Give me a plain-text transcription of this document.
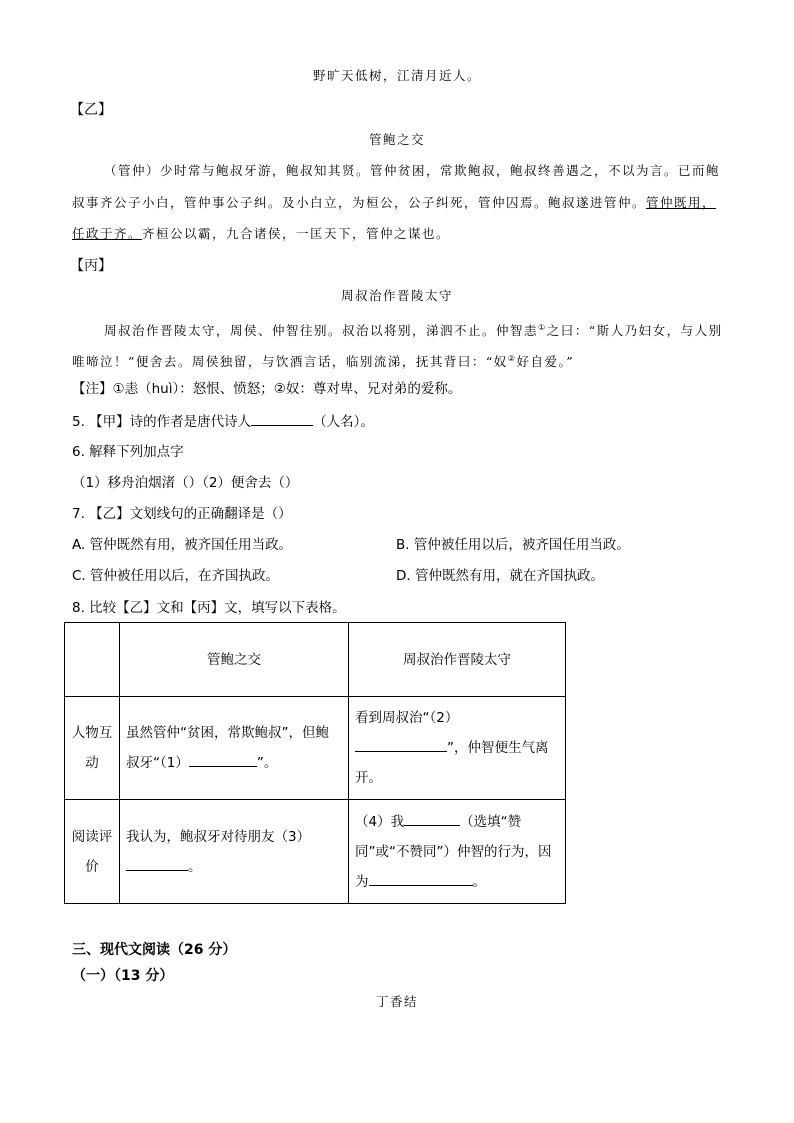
野旷天低树，江清月近人。
【乙】
管鲍之交
（管仲）少时常与鲍叔牙游，鲍叔知其贤。管仲贫困，常欺鲍叔，鲍叔终善遇之，不以为言。已而鲍
叔事齐公子小白，管仲事公子纠。及小白立，为桓公，公子纠死，管仲囚焉。鲍叔遂进管仲。管仲既用，
任政于齐。齐桓公以霸，九合诸侯，一匡天下，管仲之谋也。
【丙】
周叔治作晋陵太守
周叔治作晋陵太守，周侯、仲智往别。叔治以将别，涕泗不止。仲智恚①之曰：“斯人乃妇女，与人别
唯啼泣！”便舍去。周侯独留，与饮酒言话，临别流涕，抚其背曰：“奴②好自爱。”
【注】①恚（huì）：怒恨、愤怒；②奴：尊对卑、兄对弟的爱称。
5. 【甲】诗的作者是唐代诗人	（人名）。
6. 解释下列加点字
（1）移舟泊烟渚（）（2）便舍去（）
7. 【乙】文划线句的正确翻译是（）
A. 管仲既然有用，被齐国任用当政。	B. 管仲被任用以后，被齐国任用当政。
C. 管仲被任用以后，在齐国执政。	D. 管仲既然有用，就在齐国执政。
8. 比较【乙】文和【丙】文，填写以下表格。
	管鲍之交	周叔治作晋陵太守
人物互动	虽然管仲“贫困，常欺鲍叔”，但鲍叔牙“（1） ”。	看到周叔治“（2）
”，仲智便生气离开。
阅读评价	我认为，鲍叔牙对待朋友（3）
。	（4）我 （选填“赞同”或“不赞同”）仲智的行为，因为 。
三、现代文阅读（26 分）
（一）（13 分）
丁香结
